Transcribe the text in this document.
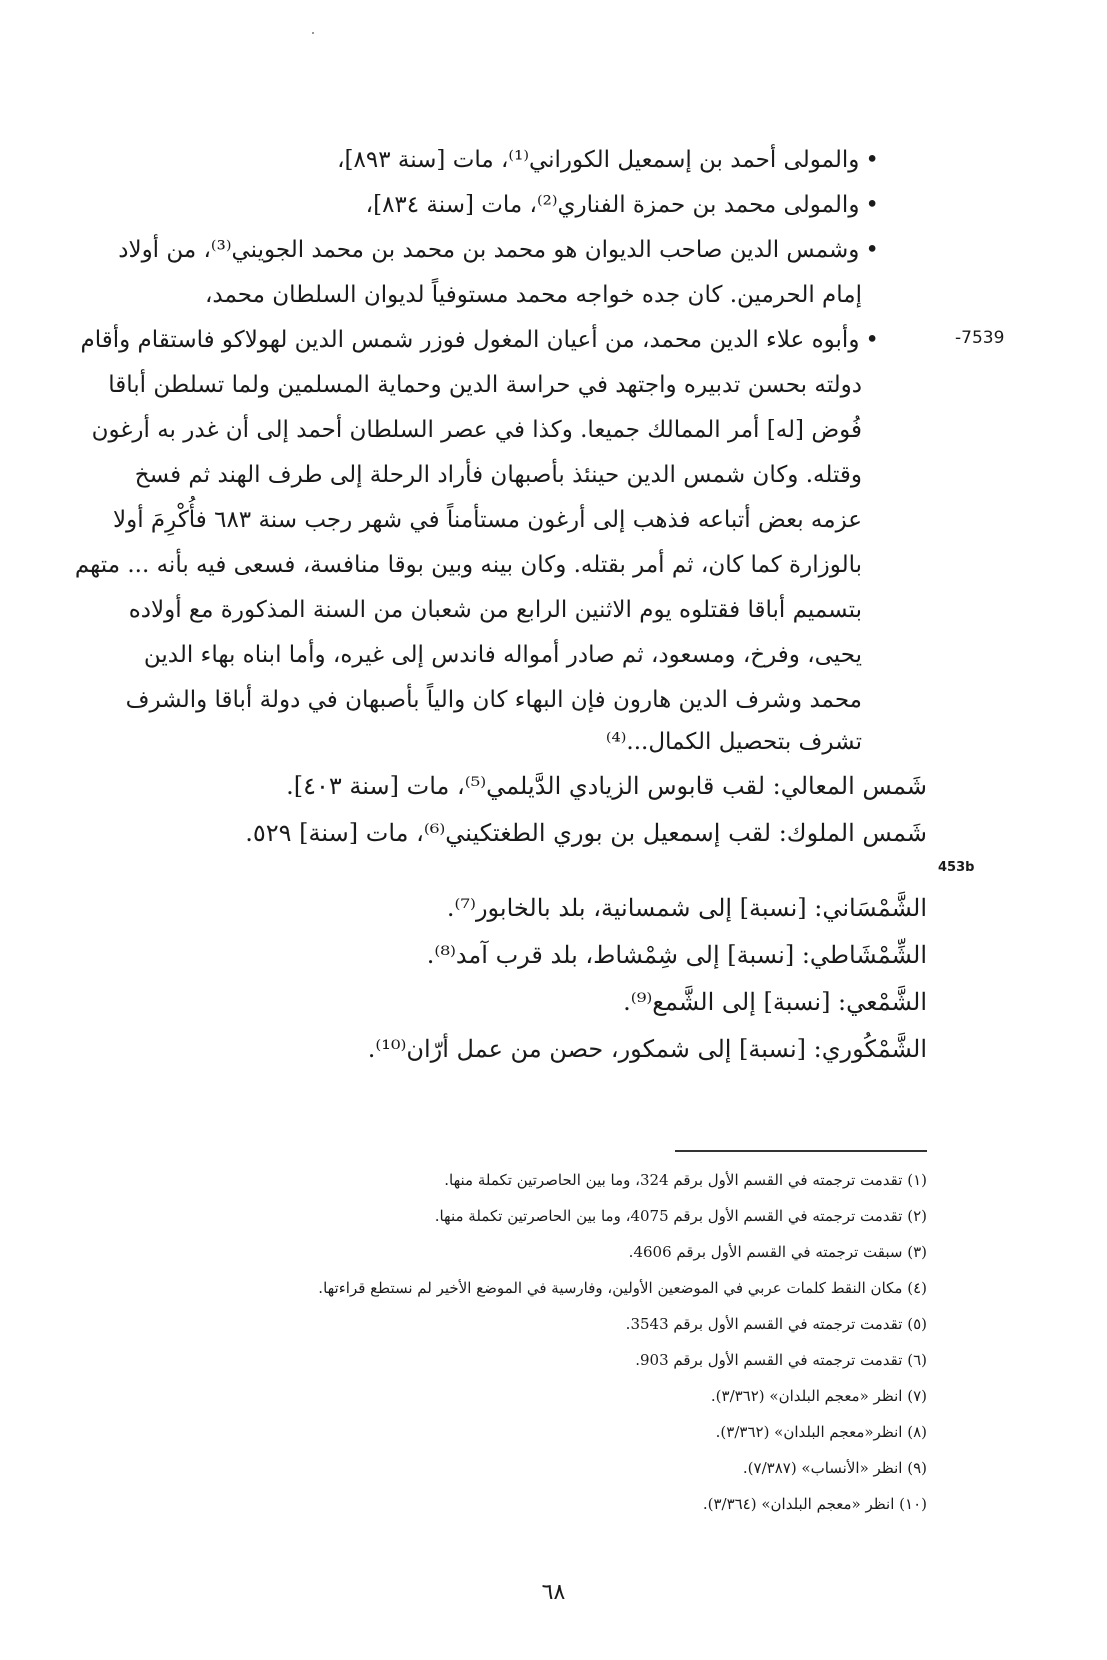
•والمولى أحمد بن إسمعيل الكوراني⁽¹⁾، مات [سنة ٨٩٣]،
•والمولى محمد بن حمزة الفناري⁽²⁾، مات [سنة ٨٣٤]،
•وشمس الدين صاحب الديوان هو محمد بن محمد بن محمد الجويني⁽³⁾، من أولاد
إمام الحرمين. كان جده خواجه محمد مستوفياً لديوان السلطان محمد،
-7539
•وأبوه علاء الدين محمد، من أعيان المغول فوزر شمس الدين لهولاكو فاستقام وأقام
دولته بحسن تدبيره واجتهد في حراسة الدين وحماية المسلمين ولما تسلطن أباقا
فُوض [له] أمر الممالك جميعا. وكذا في عصر السلطان أحمد إلى أن غدر به أرغون
وقتله. وكان شمس الدين حينئذ بأصبهان فأراد الرحلة إلى طرف الهند ثم فسخ
عزمه بعض أتباعه فذهب إلى أرغون مستأمناً في شهر رجب سنة ٦٨٣ فأُكْرِمَ أولا
بالوزارة كما كان، ثم أمر بقتله. وكان بينه وبين بوقا منافسة، فسعى فيه بأنه ... متهم
بتسميم أباقا فقتلوه يوم الاثنين الرابع من شعبان من السنة المذكورة مع أولاده
يحيى، وفرخ، ومسعود، ثم صادر أمواله فاندس إلى غيره، وأما ابناه بهاء الدين
محمد وشرف الدين هارون فإن البهاء كان والياً بأصبهان في دولة أباقا والشرف
تشرف بتحصيل الكمال...⁽⁴⁾
شَمس المعالي: لقب قابوس الزيادي الدَّيلمي⁽⁵⁾، مات [سنة ٤٠٣].
شَمس الملوك: لقب إسمعيل بن بوري الطغتكيني⁽⁶⁾، مات [سنة] ٥٢٩.
453b
الشَّمْسَاني: [نسبة] إلى شمسانية، بلد بالخابور⁽⁷⁾.
الشِّمْشَاطي: [نسبة] إلى شِمْشاط، بلد قرب آمد⁽⁸⁾.
الشَّمْعي: [نسبة] إلى الشَّمع⁽⁹⁾.
الشَّمْكُوري: [نسبة] إلى شمكور، حصن من عمل أرّان⁽¹⁰⁾.
(١) تقدمت ترجمته في القسم الأول برقم 324، وما بين الحاصرتين تكملة منها.
(٢) تقدمت ترجمته في القسم الأول برقم 4075، وما بين الحاصرتين تكملة منها.
(٣) سبقت ترجمته في القسم الأول برقم 4606.
(٤) مكان النقط كلمات عربي في الموضعين الأولين، وفارسية في الموضع الأخير لم نستطع قراءتها.
(٥) تقدمت ترجمته في القسم الأول برقم 3543.
(٦) تقدمت ترجمته في القسم الأول برقم 903.
(٧) انظر «معجم البلدان» (٣/٣٦٢).
(٨) انظر«معجم البلدان» (٣/٣٦٢).
(٩) انظر «الأنساب» (٧/٣٨٧).
(١٠) انظر «معجم البلدان» (٣/٣٦٤).
٦٨
